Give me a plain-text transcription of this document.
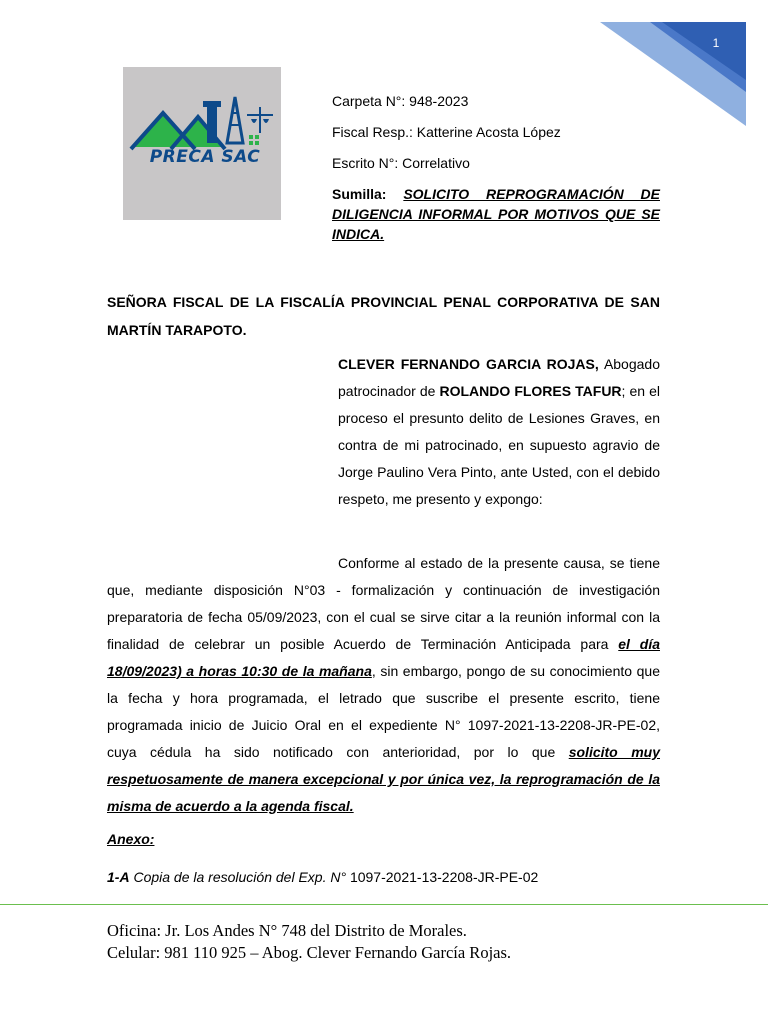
1
PRECA SAC
Carpeta N°: 948-2023
Fiscal Resp.: Katterine Acosta López
Escrito N°: Correlativo
Sumilla: SOLICITO REPROGRAMACIÓN DE DILIGENCIA INFORMAL POR MOTIVOS QUE SE INDICA.
SEÑORA FISCAL DE LA FISCALÍA PROVINCIAL PENAL CORPORATIVA DE SAN MARTÍN TARAPOTO.
CLEVER FERNANDO GARCIA ROJAS, Abogado patrocinador de ROLANDO FLORES TAFUR; en el proceso el presunto delito de Lesiones Graves, en contra de mi patrocinado, en supuesto agravio de Jorge Paulino Vera Pinto, ante Usted, con el debido respeto, me presento y expongo:
Conforme al estado de la presente causa, se tiene que, mediante disposición N°03 - formalización y continuación de investigación preparatoria de fecha 05/09/2023, con el cual se sirve citar a la reunión informal con la finalidad de celebrar un posible Acuerdo de Terminación Anticipada para el día 18/09/2023) a horas 10:30 de la mañana, sin embargo, pongo de su conocimiento que la fecha y hora programada, el letrado que suscribe el presente escrito, tiene programada inicio de Juicio Oral en el expediente N° 1097-2021-13-2208-JR-PE-02, cuya cédula ha sido notificado con anterioridad, por lo que solicito muy respetuosamente de manera excepcional y por única vez, la reprogramación de la misma de acuerdo a la agenda fiscal.
Anexo:
1-A Copia de la resolución del Exp. N° 1097-2021-13-2208-JR-PE-02
Oficina: Jr. Los Andes N° 748 del Distrito de Morales.
Celular: 981 110 925 – Abog. Clever Fernando García Rojas.
